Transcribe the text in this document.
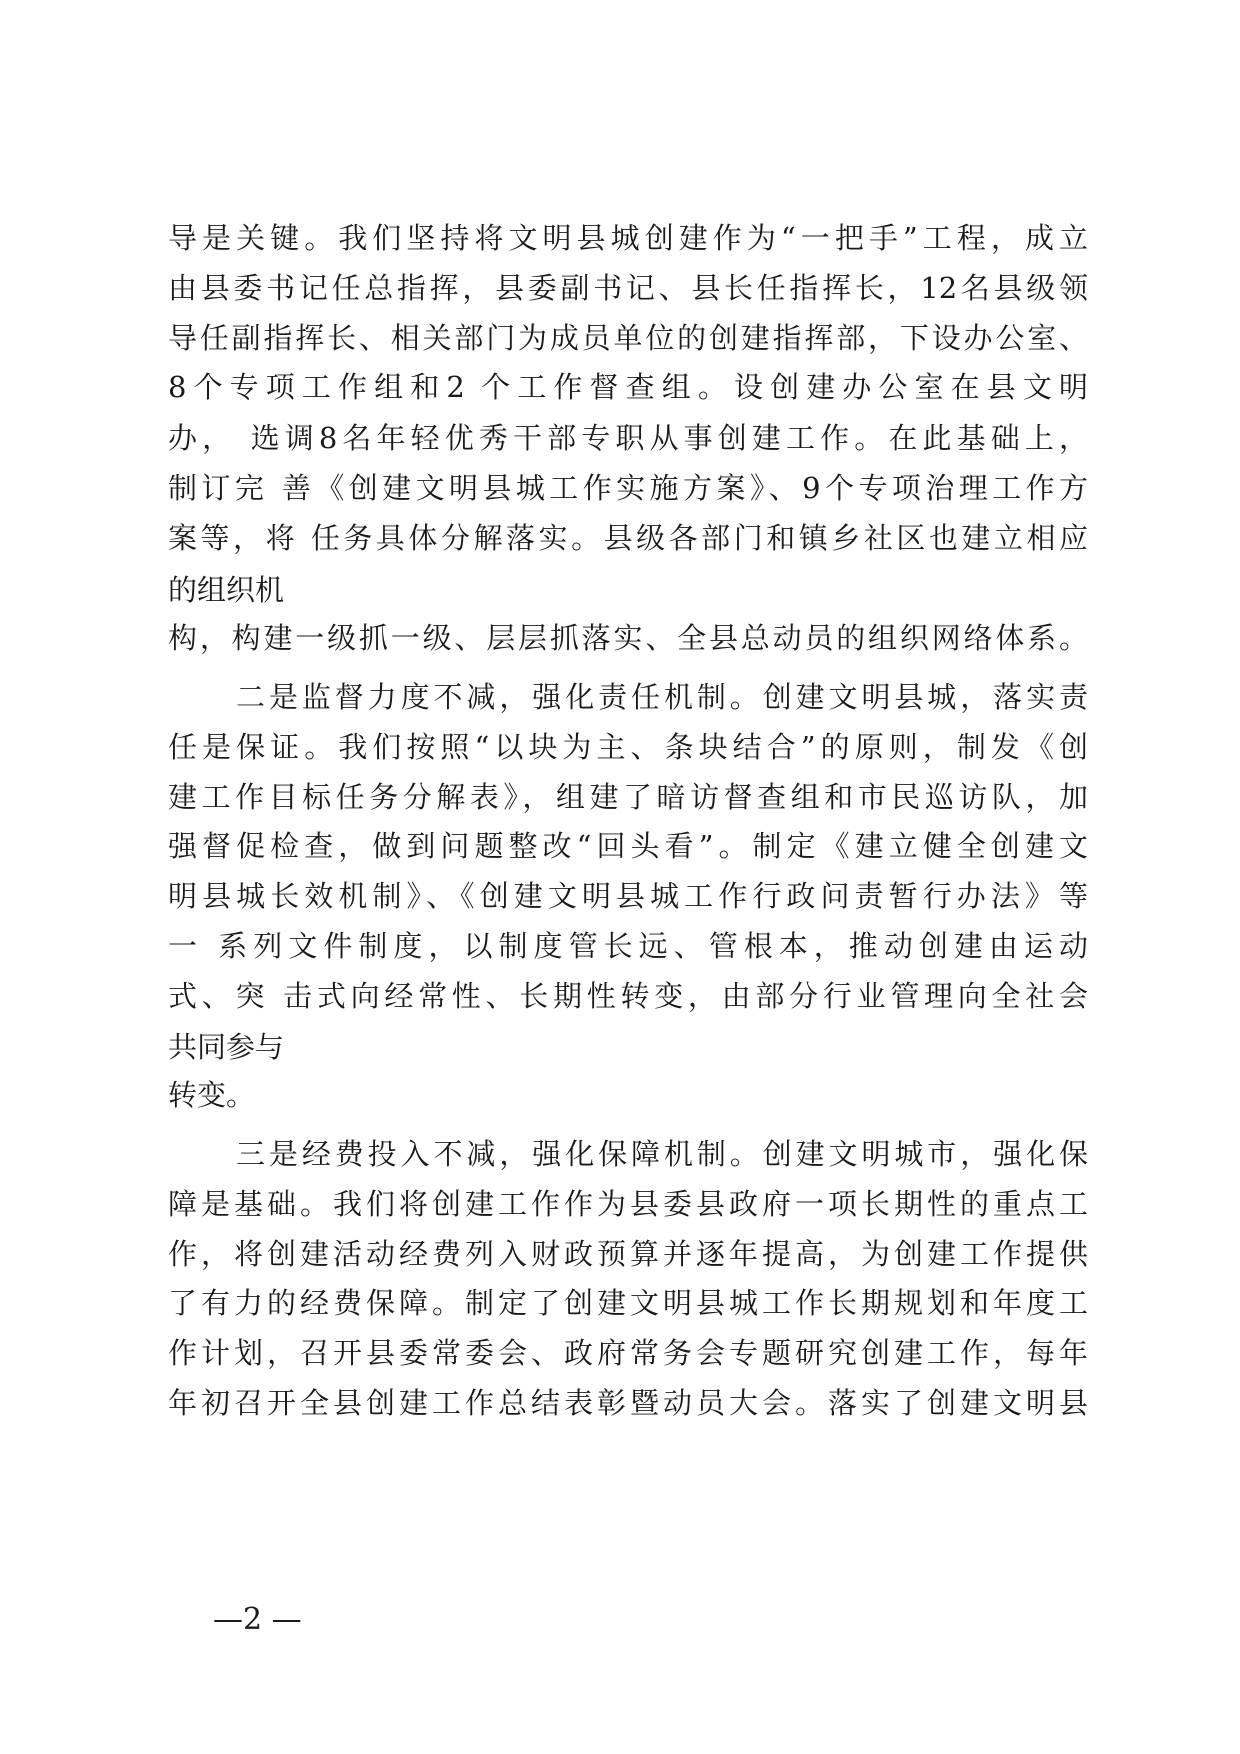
导是关键。我们坚持将文明县城创建作为“一把手”工程，成立
由县委书记任总指挥，县委副书记、县长任指挥长，12名县级领
导任副指挥长、相关部门为成员单位的创建指挥部，下设办公室、
8个专项工作组和2 个工作督查组。设创建办公室在县文明
办， 选调8名年轻优秀干部专职从事创建工作。在此基础上，
制订完 善《创建文明县城工作实施方案》、9个专项治理工作方
案等，将 任务具体分解落实。县级各部门和镇乡社区也建立相应
的组织机
构，构建一级抓一级、层层抓落实、全县总动员的组织网络体系。
二是监督力度不减，强化责任机制。创建文明县城，落实责
任是保证。我们按照“以块为主、条块结合”的原则，制发《创
建工作目标任务分解表》，组建了暗访督查组和市民巡访队，加
强督促检查，做到问题整改“回头看”。制定《建立健全创建文
明县城长效机制》、《创建文明县城工作行政问责暂行办法》等
一 系列文件制度，以制度管长远、管根本，推动创建由运动
式、突 击式向经常性、长期性转变，由部分行业管理向全社会
共同参与
转变。
三是经费投入不减，强化保障机制。创建文明城市，强化保
障是基础。我们将创建工作作为县委县政府一项长期性的重点工
作，将创建活动经费列入财政预算并逐年提高，为创建工作提供
了有力的经费保障。制定了创建文明县城工作长期规划和年度工
作计划，召开县委常委会、政府常务会专题研究创建工作，每年
年初召开全县创建工作总结表彰暨动员大会。落实了创建文明县
—2 —
